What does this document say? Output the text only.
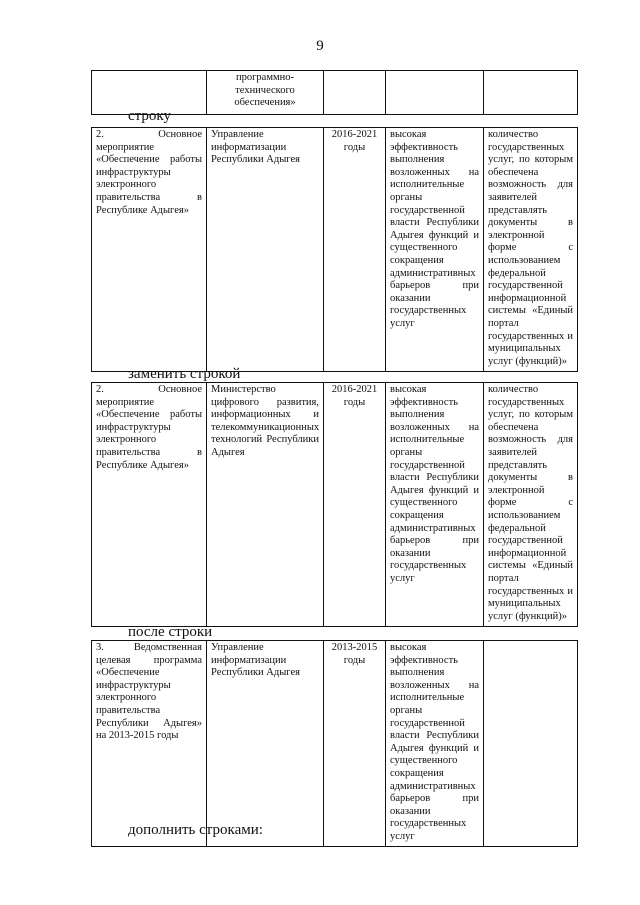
9
	программно-технического обеспечения»			
строку
2. Основное мероприятие «Обеспечение работы инфраструктуры электронного правительства в Республике Адыгея»	Управление информатизации Республики Адыгея	2016-2021 годы	высокая эффективность выполнения возложенных на исполнительные органы государственной власти Республики Адыгея функций и существенного сокращения административных барьеров при оказании государственных услуг	количество государственных услуг, по которым обеспечена возможность для заявителей представлять документы в электронной форме с использованием федеральной государственной информационной системы «Единый портал государственных и муниципальных услуг (функций)»
заменить строкой
2. Основное мероприятие «Обеспечение работы инфраструктуры электронного правительства в Республике Адыгея»	Министерство цифрового развития, информационных и телекоммуникационных технологий Республики Адыгея	2016-2021 годы	высокая эффективность выполнения возложенных на исполнительные органы государственной власти Республики Адыгея функций и существенного сокращения административных барьеров при оказании государственных услуг	количество государственных услуг, по которым обеспечена возможность для заявителей представлять документы в электронной форме с использованием федеральной государственной информационной системы «Единый портал государственных и муниципальных услуг (функций)»
после строки
3. Ведомственная целевая программа «Обеспечение инфраструктуры электронного правительства Республики Адыгея» на 2013-2015 годы	Управление информатизации Республики Адыгея	2013-2015 годы	высокая эффективность выполнения возложенных на исполнительные органы государственной власти Республики Адыгея функций и существенного сокращения административных барьеров при оказании государственных услуг	
дополнить строками:
